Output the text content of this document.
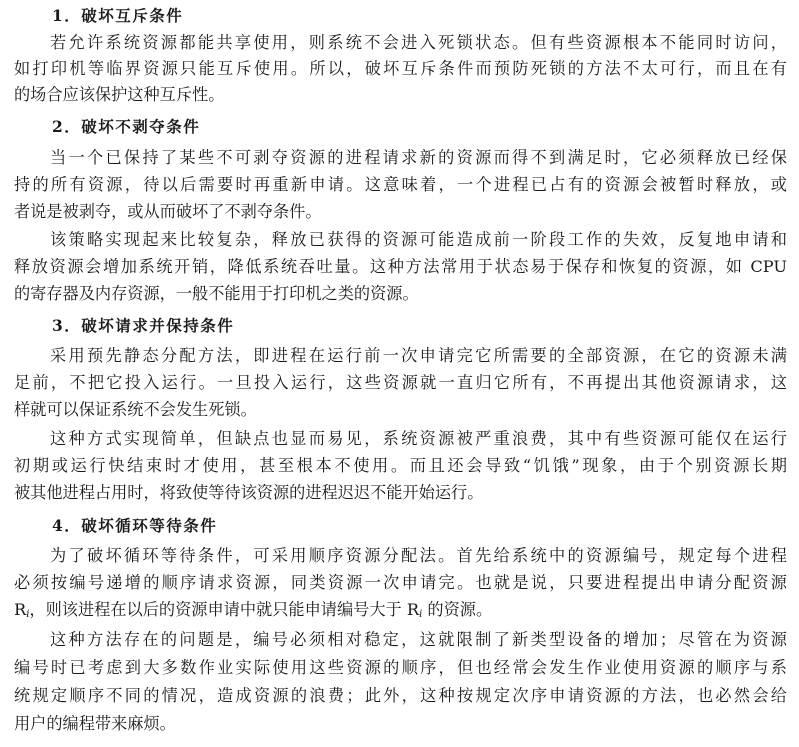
1．破坏互斥条件
若允许系统资源都能共享使用，则系统不会进入死锁状态。但有些资源根本不能同时访问，
如打印机等临界资源只能互斥使用。所以，破坏互斥条件而预防死锁的方法不太可行，而且在有
的场合应该保护这种互斥性。
2．破坏不剥夺条件
当一个已保持了某些不可剥夺资源的进程请求新的资源而得不到满足时，它必须释放已经保
持的所有资源，待以后需要时再重新申请。这意味着，一个进程已占有的资源会被暂时释放，或
者说是被剥夺，或从而破坏了不剥夺条件。
该策略实现起来比较复杂，释放已获得的资源可能造成前一阶段工作的失效，反复地申请和
释放资源会增加系统开销，降低系统吞吐量。这种方法常用于状态易于保存和恢复的资源，如 CPU
的寄存器及内存资源，一般不能用于打印机之类的资源。
3．破坏请求并保持条件
采用预先静态分配方法，即进程在运行前一次申请完它所需要的全部资源，在它的资源未满
足前，不把它投入运行。一旦投入运行，这些资源就一直归它所有，不再提出其他资源请求，这
样就可以保证系统不会发生死锁。
这种方式实现简单，但缺点也显而易见，系统资源被严重浪费，其中有些资源可能仅在运行
初期或运行快结束时才使用，甚至根本不使用。而且还会导致“饥饿”现象，由于个别资源长期
被其他进程占用时，将致使等待该资源的进程迟迟不能开始运行。
4．破坏循环等待条件
为了破坏循环等待条件，可采用顺序资源分配法。首先给系统中的资源编号，规定每个进程
必须按编号递增的顺序请求资源，同类资源一次申请完。也就是说，只要进程提出申请分配资源
$R_i$，则该进程在以后的资源申请中就只能申请编号大于 $R_i$ 的资源。
这种方法存在的问题是，编号必须相对稳定，这就限制了新类型设备的增加；尽管在为资源
编号时已考虑到大多数作业实际使用这些资源的顺序，但也经常会发生作业使用资源的顺序与系
统规定顺序不同的情况，造成资源的浪费；此外，这种按规定次序申请资源的方法，也必然会给
用户的编程带来麻烦。
